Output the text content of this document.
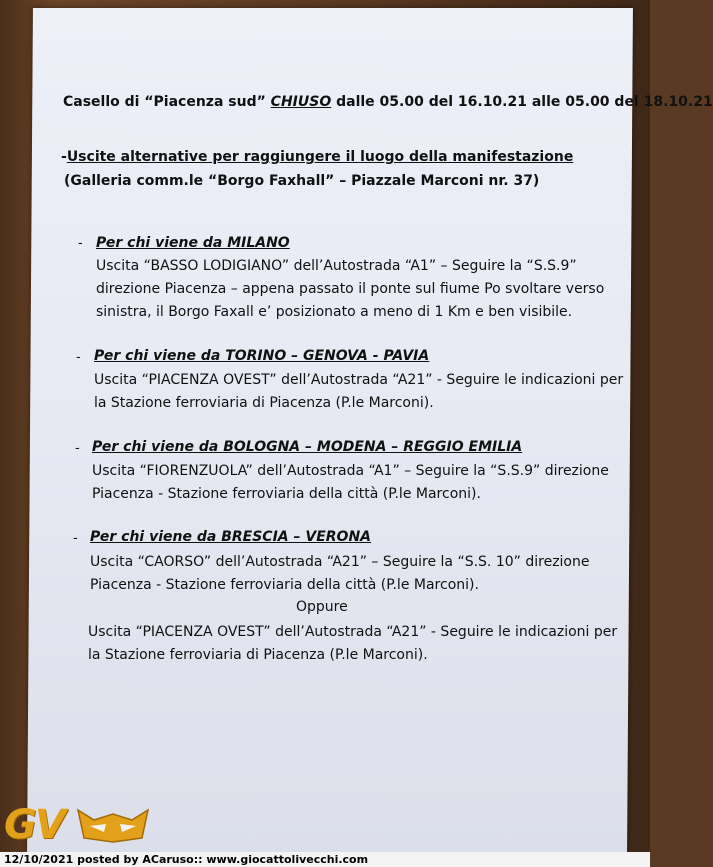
Casello di “Piacenza sud” CHIUSO dalle 05.00 del 16.10.21 alle 05.00 del 18.10.21
-Uscite alternative per raggiungere il luogo della manifestazione
(Galleria comm.le “Borgo Faxhall” – Piazzale Marconi nr. 37)
- Per chi viene da MILANO
Uscita “BASSO LODIGIANO” dell’Autostrada “A1” – Seguire la “S.S.9”
direzione Piacenza – appena passato il ponte sul fiume Po svoltare verso
sinistra, il Borgo Faxall e’ posizionato a meno di 1 Km e ben visibile.
- Per chi viene da TORINO – GENOVA - PAVIA
Uscita “PIACENZA OVEST” dell’Autostrada “A21” - Seguire le indicazioni per
la Stazione ferroviaria di Piacenza (P.le Marconi).
- Per chi viene da BOLOGNA – MODENA – REGGIO EMILIA
Uscita “FIORENZUOLA” dell’Autostrada “A1” – Seguire la “S.S.9” direzione
Piacenza - Stazione ferroviaria della città (P.le Marconi).
- Per chi viene da BRESCIA – VERONA
Uscita “CAORSO” dell’Autostrada “A21” – Seguire la “S.S. 10” direzione
Piacenza - Stazione ferroviaria della città (P.le Marconi).
Oppure
Uscita “PIACENZA OVEST” dell’Autostrada “A21” - Seguire le indicazioni per
la Stazione ferroviaria di Piacenza (P.le Marconi).
GV
12/10/2021 posted by ACaruso:: www.giocattolivecchi.com
